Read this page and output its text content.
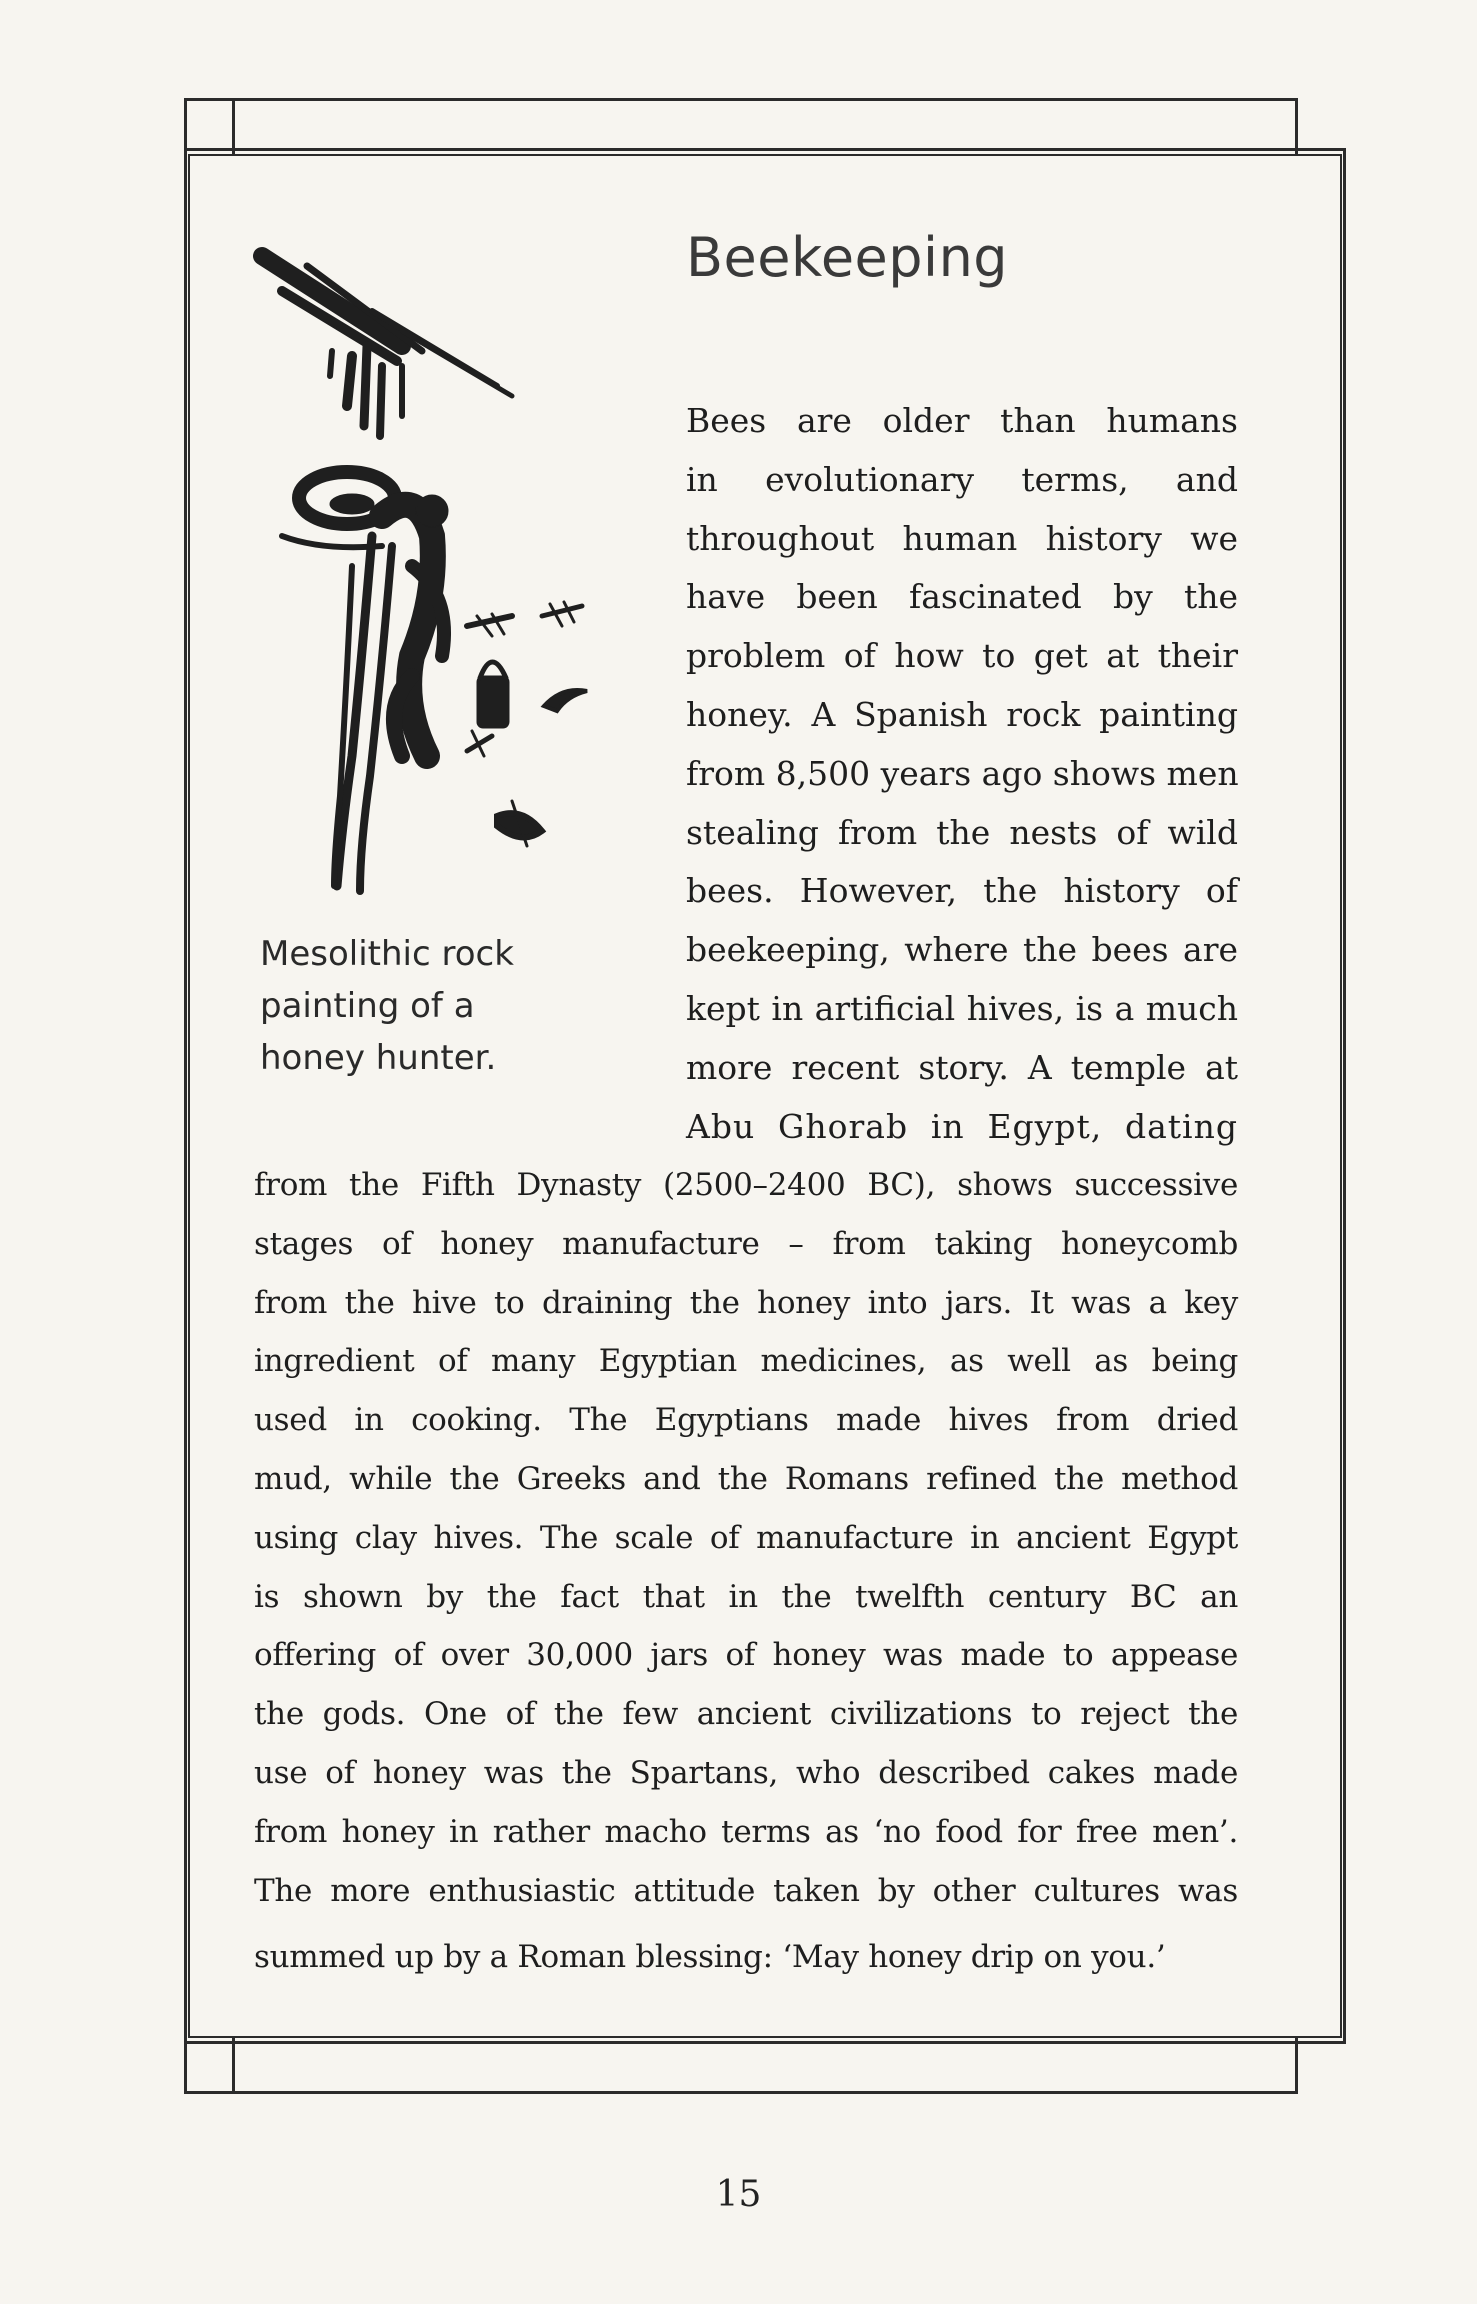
Beekeeping
Mesolithic rock
painting of a
honey hunter.
Bees are older than humans
in evolutionary terms, and
throughout human history we
have been fascinated by the
problem of how to get at their
honey. A Spanish rock painting
from 8,500 years ago shows men
stealing from the nests of wild
bees. However, the history of
beekeeping, where the bees are
kept in artificial hives, is a much
more recent story. A temple at
Abu Ghorab in Egypt, dating
from the Fifth Dynasty (2500–2400 BC), shows successive
stages of honey manufacture – from taking honeycomb
from the hive to draining the honey into jars. It was a key
ingredient of many Egyptian medicines, as well as being
used in cooking. The Egyptians made hives from dried
mud, while the Greeks and the Romans refined the method
using clay hives. The scale of manufacture in ancient Egypt
is shown by the fact that in the twelfth century BC an
offering of over 30,000 jars of honey was made to appease
the gods. One of the few ancient civilizations to reject the
use of honey was the Spartans, who described cakes made
from honey in rather macho terms as ‘no food for free men’.
The more enthusiastic attitude taken by other cultures was
summed up by a Roman blessing: ‘May honey drip on you.’
15
